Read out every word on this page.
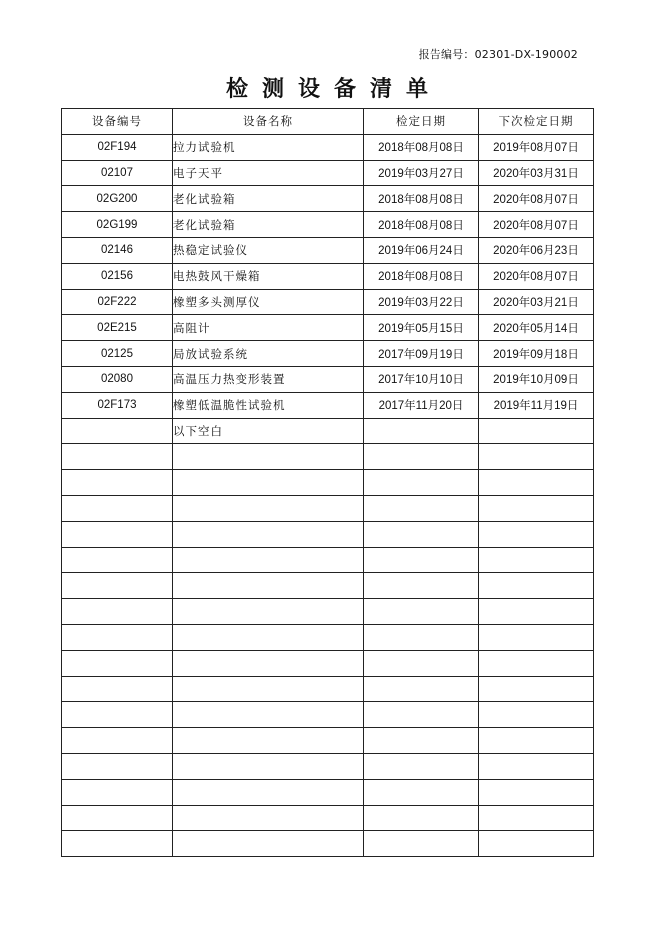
报告编号：02301-DX-190002
检测设备清单
设备编号	设备名称	检定日期	下次检定日期
02F194	拉力试验机	2018年08月08日	2019年08月07日
02107	电子天平	2019年03月27日	2020年03月31日
02G200	老化试验箱	2018年08月08日	2020年08月07日
02G199	老化试验箱	2018年08月08日	2020年08月07日
02146	热稳定试验仪	2019年06月24日	2020年06月23日
02156	电热鼓风干燥箱	2018年08月08日	2020年08月07日
02F222	橡塑多头测厚仪	2019年03月22日	2020年03月21日
02E215	高阻计	2019年05月15日	2020年05月14日
02125	局放试验系统	2017年09月19日	2019年09月18日
02080	高温压力热变形装置	2017年10月10日	2019年10月09日
02F173	橡塑低温脆性试验机	2017年11月20日	2019年11月19日
	以下空白		
